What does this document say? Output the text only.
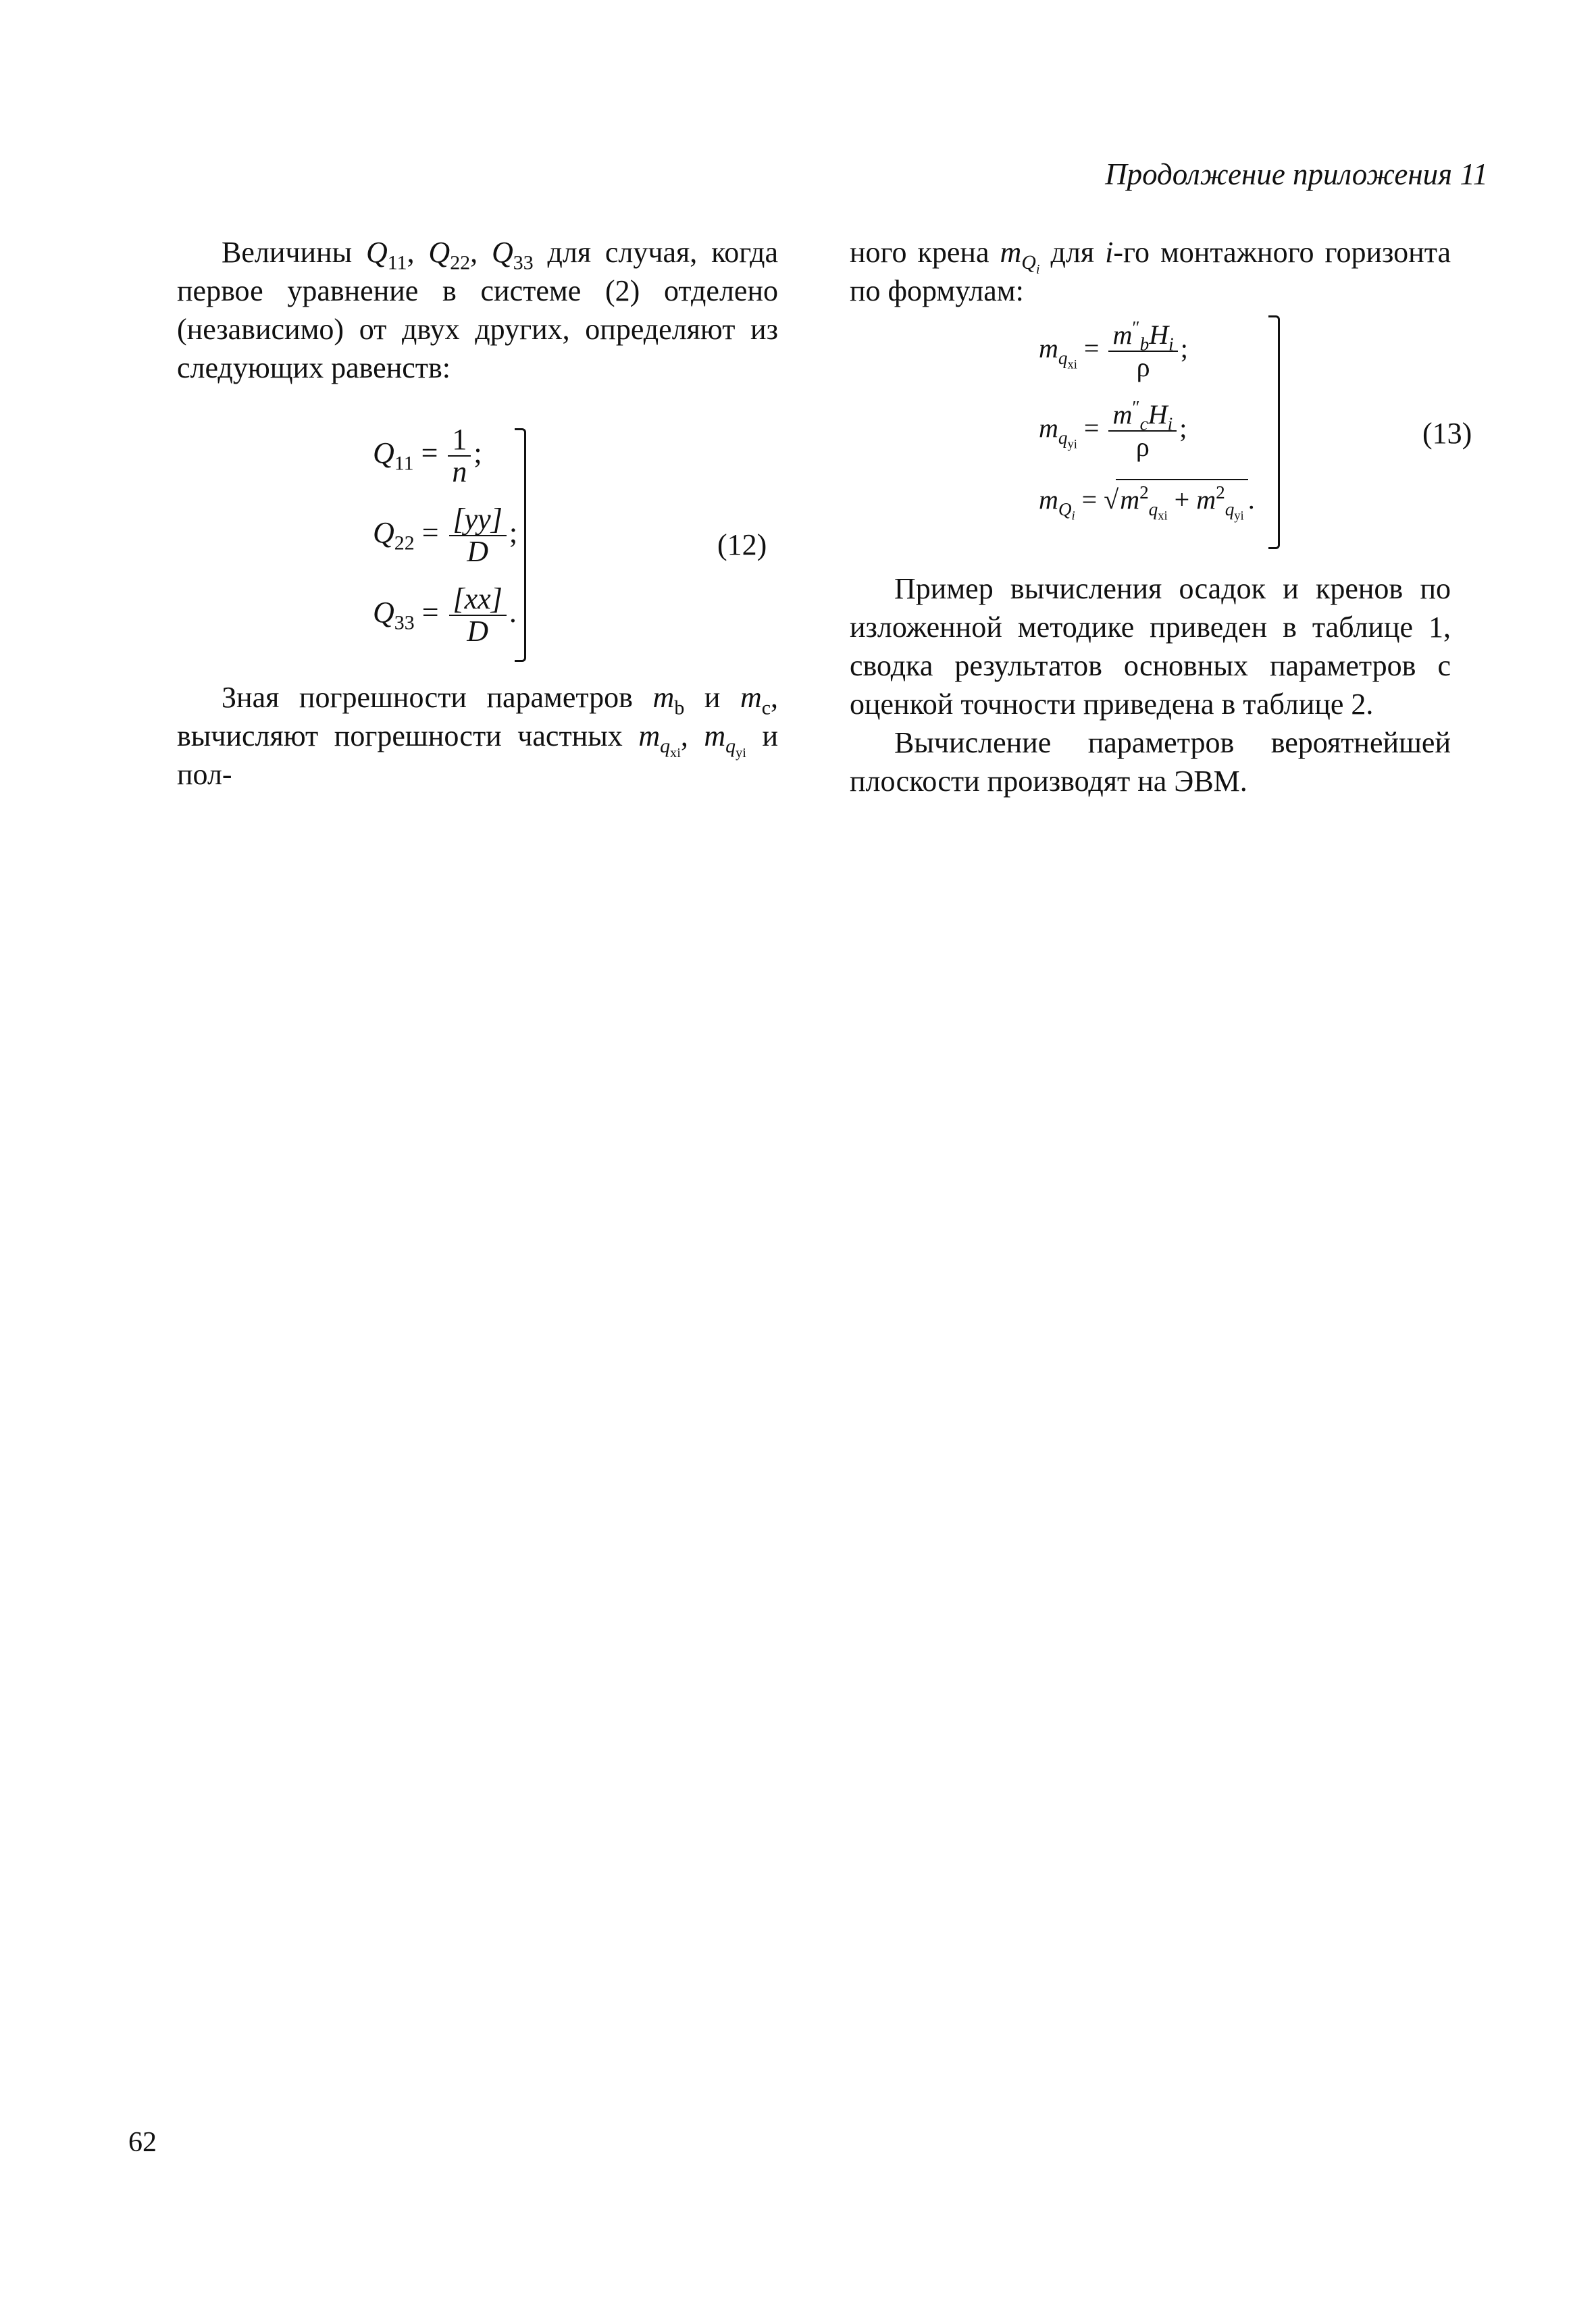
Продолжение приложения 11

Величины $Q_{11}$, $Q_{22}$, $Q_{33}$ для случая, когда первое уравнение в системе (2) отделено (независимо) от двух других, определяют из следующих равенств:

$Q_{11} = \frac{1}{n}$ ;
$Q_{22} = \frac{[yy]}{D}$ ;
$Q_{33} = \frac{[xx]}{D}$ .
(12)

Зная погрешности параметров $m_b$ и $m_c$, вычисляют погрешности частных $m_{q_{xi}}$, $m_{q_{yi}}$ и пол-

ного крена $m_{Q_i}$ для i-го монтажного горизонта по формулам:

$m_{q_{xi}} = \frac{m''_bH_i}{\rho}$ ;
$m_{q_{yi}} = \frac{m''_cH_i}{\rho}$ ;
$m_{Q_i} = √m^2_{q_{xi}} + m^2_{q_{yi}}$.
(13)

Пример вычисления осадок и кренов по изложенной методике приведен в таблице 1, сводка результатов основных параметров с оценкой точности приведена в таблице 2.

Вычисление параметров вероятнейшей плоскости производят на ЭВМ.

62
